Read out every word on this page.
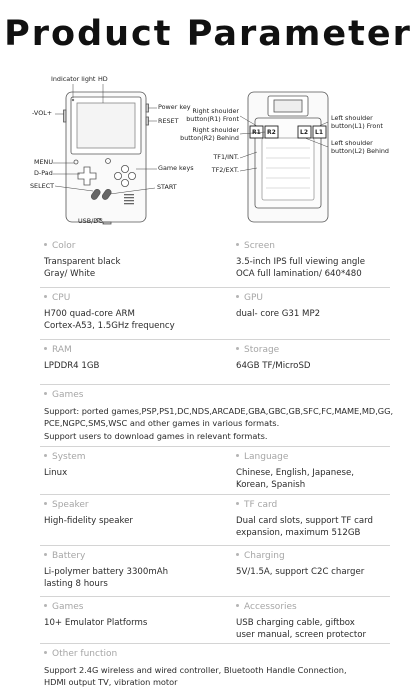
Product Parameter
Indicator light HD
-VOL+
Power key
RESET
MENU
D-Pad
SELECT
Game keys
START
USB/DC
Right shoulder
button(R1) Front
Right shoulder
button(R2) Behind
Left shoulder
button(L1) Front
Left shoulder
button(L2) Behind
TF1/INT.
TF2/EXT.
R1 R2	L2 L1
Color
Transparent black
Gray/ White
Screen
3.5-inch IPS full viewing angle
OCA full lamination/ 640*480
CPU
H700 quad-core ARM
Cortex-A53, 1.5GHz frequency
GPU
dual- core G31 MP2
RAM
LPDDR4 1GB
Storage
64GB TF/MicroSD
Games
Support: ported games,PSP,PS1,DC,NDS,ARCADE,GBA,GBC,GB,SFC,FC,MAME,MD,GG,
PCE,NGPC,SMS,WSC and other games in various formats.
Support users to download games in relevant formats.
System
Linux
Language
Chinese, English, Japanese,
Korean, Spanish
Speaker
High-fidelity speaker
TF card
Dual card slots, support TF card
expansion, maximum 512GB
Battery
Li-polymer battery 3300mAh
lasting 8 hours
Charging
5V/1.5A, support C2C charger
Games
10+ Emulator Platforms
Accessories
USB charging cable, giftbox
user manual, screen protector
Other function
Support 2.4G wireless and wired controller, Bluetooth Handle Connection,
HDMI output TV, vibration motor
